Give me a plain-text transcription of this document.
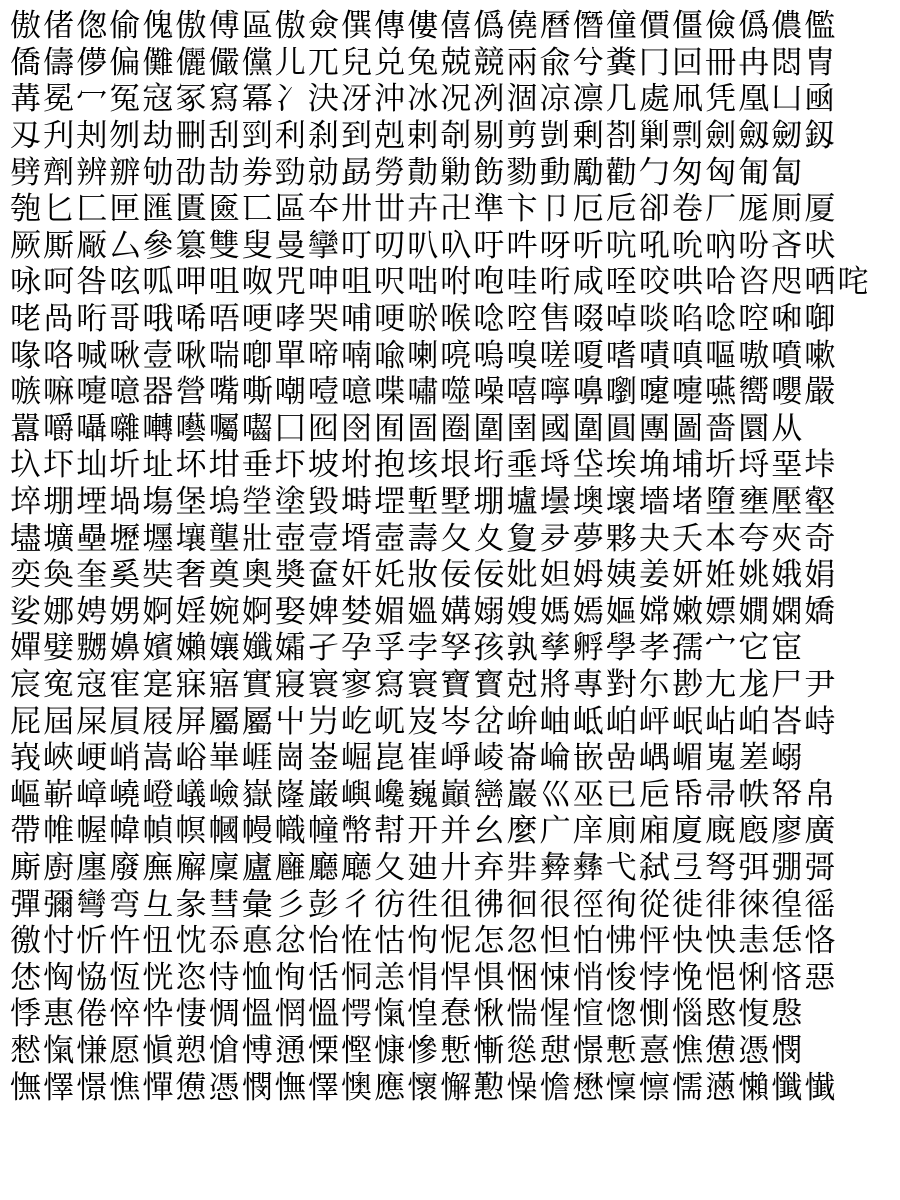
傲偖偬偷傀傲傅區傲僉僎傳僂僖僞僥曆僭僮價僵儉僞儂儖
僑儔儚偏儺儷儼儻儿兀兒兑兔兢競兩兪兮糞冂回冊冉悶冑
冓冕冖冤寇冢寫冪冫決冴沖冰况冽涸凉凛几處凧凭凰凵凾
刄刋刔刎劫刪刮剄利刹到剋剌剞剔剪剴剰剳剿剽劍劔劒釼
劈劑辨辧劬劭劼劵勁勍勗勞勣勦飭勠動勵勸勹匆匈匍匐
匏匕匚匣匯匱匳匸區夲卅丗卉卍準卞卩厄卮卻卷厂厖厠厦
厥厮厰厶參簒雙叟曼攣叮叨叭叺吁吽呀听吭吼吮吶吩吝吠
咏呵咎呟呱呷咀呶咒呻咀呎咄咐咆哇哘咸咥咬哄哈咨咫哂咤
咾咼哘哥哦唏唔哽哮哭哺哽唹喉唸啌售啜啅啖啗唸啌啝啣
喙咯喊啾壹啾喘喞單啼喃喩喇喨嗚嗅嗟嗄嗜嘖嗔嘔嗷噴嗽
嗾嘛嚏噫器營嘴嘶嘲噎噫喋嘯噬噪嘻嚀嚊嚠嚔嚏嚥嚮嚶嚴
囂嚼囁囃囀囈囑囓囗囮囹囿圄圈圍圉國圍圓團圖嗇圜从
圦圷圸圻址坏坩垂圷坡坿抱垓垠垳埀埓垈埃埆埔圻埒堊垰
埣堋堙堝塲堡塢塋塗毀塒堽塹墅堋壚壜墺壞墻堵墮壅壓壑
壗壙壘壢壥壤壟壯壺壹壻壼壽夂夊夐夛夢夥夬夭本夸夾奇
奕奐奎奚奘奢奠奧奬奩奸奼妝佞佞妣妲姆姨姜妍姙姚娥娟
娑娜娉娚婀婬婉婀娶婢婪媚媼媾嫋嫂媽嫣嫗嫦嫩嫖嫺嫻嬌
嬋嬖嬲嬶嬪嬾孃孅孀孑孕孚孛孥孩孰孳孵學孝孺宀它宦
宸寃寇寉寔寐寤實寢寰寥寫寰寶寳尅將專對尓尠尢尨尸尹
屁屆屎屓屐屏屬屬屮屶屹屼岌岑岔峅岫岻岶岼岷岾岶峇峙
峩峽峺峭嵩峪崋崕崗崟崛崑崔崢崚崙崘嵌嵒嵎嵋嵬嵳嵶
嶇嶄嶂嶢嶝嶬嶮嶽嶐巌嶼巉巍巓巒巖巛巫已巵帋帚帙帑帛
帶帷幄幃幀幎幗幔幟幢幣幇开并幺麼广庠廁廂廈廐廏廖廣
廝廚廛廢廡廨廩廬廱廳廰夂廸廾弃弉彜彝弋弑弖弩弭弸彁
彈彌彎弯彑彖彗彙彡彭彳彷徃徂彿徊很徑徇從徙徘徠徨徭
徼忖忻忤忸忱忝悳忿怡恠怙怐怩怎忽怛怕怫怦快怏恚恁恪
恷恟恊恆恍恣恃恤恂恬恫恙悁悍惧悃悚悄悛悖悗悒悧悋惡
悸惠倦悴忰悽惆慍惘慍愕愾惶惷愀惴惺愃愡惻惱愍愎慇
憖愾慊愿愼愬愴愽慂慄慳慷慘慙慚慫憇憬慙憙憔憊憑憫
憮懌憬憔憚憊憑憫憮懌懊應懷懈懃懆憺懋懍懔懦懣懶懺懴
